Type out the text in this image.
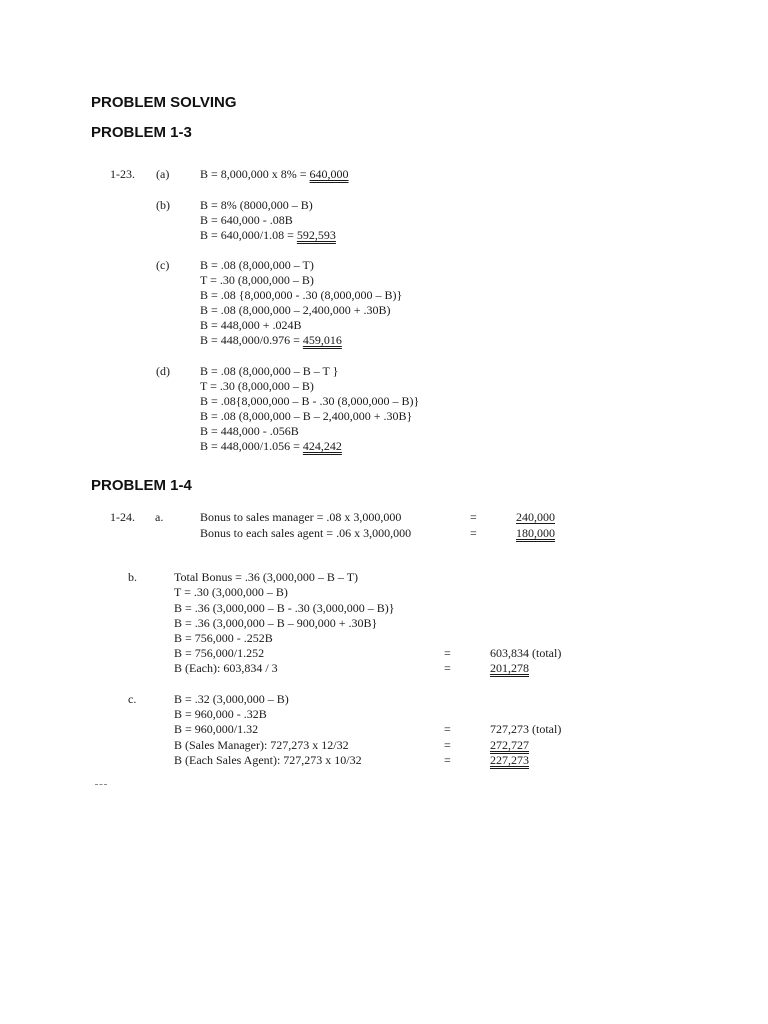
PROBLEM SOLVING
PROBLEM 1-3
1-23. (a)	B = 8,000,000 x 8% = 640,000
(b)	B = 8% (8000,000 – B)
B = 640,000 - .08B
B = 640,000/1.08 = 592,593
(c)	B = .08 (8,000,000 – T)
T = .30 (8,000,000 – B)
B = .08 {8,000,000 - .30 (8,000,000 – B)}
B = .08 (8,000,000 – 2,400,000 + .30B)
B = 448,000 + .024B
B = 448,000/0.976 = 459,016
(d)	B = .08 (8,000,000 – B – T }
T = .30 (8,000,000 – B)
B = .08{8,000,000 – B - .30 (8,000,000 – B)}
B = .08 (8,000,000 – B – 2,400,000 + .30B}
B = 448,000 - .056B
B = 448,000/1.056 = 424,242
PROBLEM 1-4
1-24. a.	Bonus to sales manager = .08 x 3,000,000	=	240,000
Bonus to each sales agent = .06 x 3,000,000	=	180,000
b.	Total Bonus = .36 (3,000,000 – B – T)
T = .30 (3,000,000 – B)
B = .36 (3,000,000 – B - .30 (3,000,000 – B)}
B = .36 (3,000,000 – B – 900,000 + .30B}
B = 756,000 - .252B
B = 756,000/1.252	=	603,834 (total)
B (Each): 603,834 / 3	=	201,278
c.	B = .32 (3,000,000 – B)
B = 960,000 - .32B
B = 960,000/1.32	=	727,273 (total)
B (Sales Manager): 727,273 x 12/32	=	272,727
B (Each Sales Agent): 727,273 x 10/32	=	227,273
